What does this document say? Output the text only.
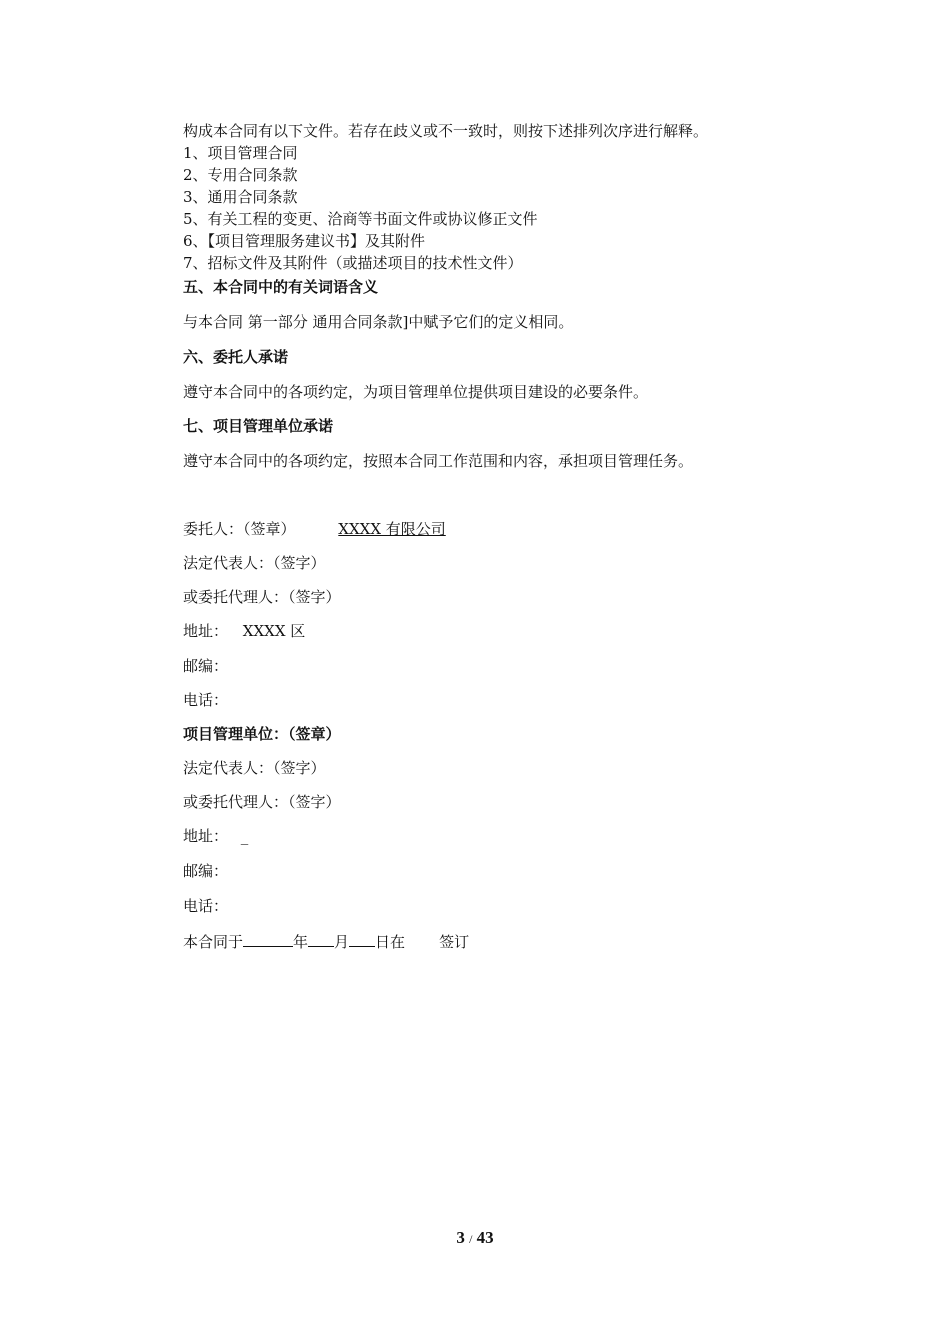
构成本合同有以下文件。若存在歧义或不一致时，则按下述排列次序进行解释。
1、项目管理合同
2、专用合同条款
3、通用合同条款
5、有关工程的变更、洽商等书面文件或协议修正文件
6、【项目管理服务建议书】及其附件
7、招标文件及其附件（或描述项目的技术性文件）
五、本合同中的有关词语含义
与本合同 第一部分 通用合同条款]中赋予它们的定义相同。
六、委托人承诺
遵守本合同中的各项约定，为项目管理单位提供项目建设的必要条件。
七、项目管理单位承诺
遵守本合同中的各项约定，按照本合同工作范围和内容，承担项目管理任务。
委托人：（签章）	XXXX 有限公司
法定代表人：（签字）
或委托代理人：（签字）
地址： XXXX 区
邮编：
电话：
项目管理单位：（签章）
法定代表人：（签字）
或委托代理人：（签字）
地址： _
邮编：
电话：
本合同于	年 月 日在 签订
3 / 43
